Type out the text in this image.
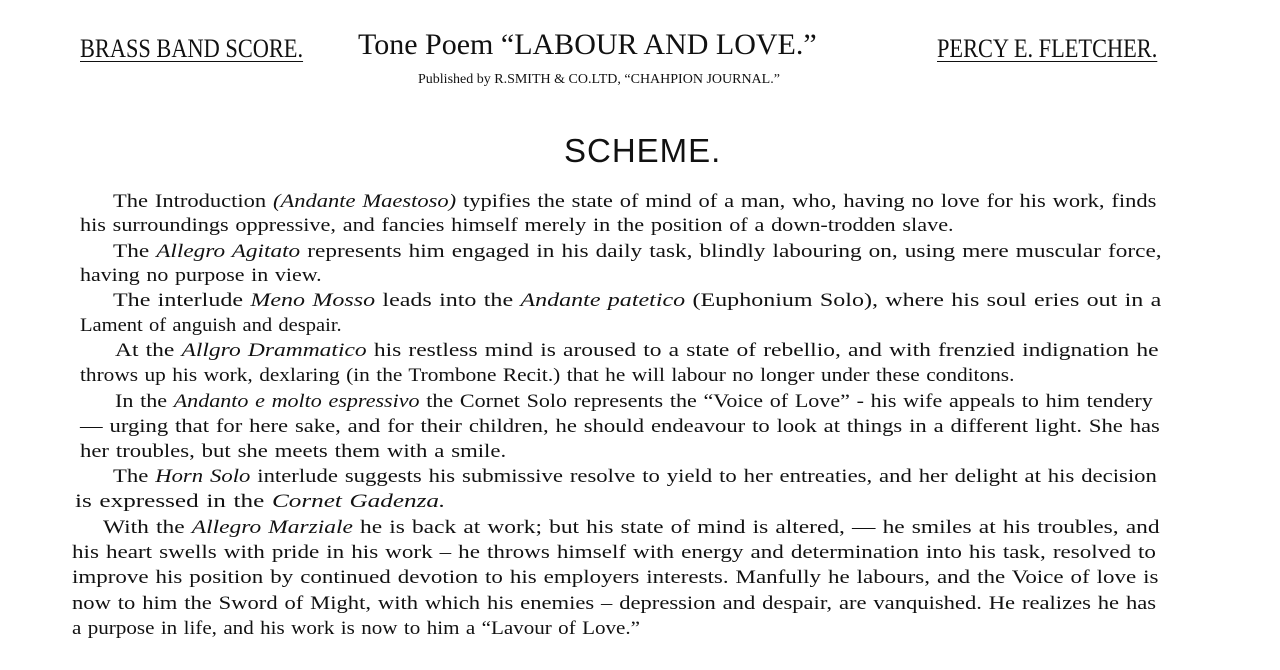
BRASS BAND SCORE. Tone Poem “LABOUR AND LOVE.”
Published by R.SMITH & CO.LTD, “CHAHPION JOURNAL.”
PERCY E. FLETCHER.
SCHEME.
The Introduction (Andante Maestoso) typifies the state of mind of a man, who, having no love for his work, finds
his surroundings oppressive, and fancies himself merely in the position of a down-trodden slave.
The Allegro Agitato represents him engaged in his daily task, blindly labouring on, using mere muscular force,
having no purpose in view.
The interlude Meno Mosso leads into the Andante patetico (Euphonium Solo), where his soul eries out in a
Lament of anguish and despair.
At the Allgro Drammatico his restless mind is aroused to a state of rebellio, and with frenzied indignation he
throws up his work, dexlaring (in the Trombone Recit.) that he will labour no longer under these conditons.
In the Andanto e molto espressivo the Cornet Solo represents the “Voice of Love” - his wife appeals to him tendery
— urging that for here sake, and for their children, he should endeavour to look at things in a different light. She has
her troubles, but she meets them with a smile.
The Horn Solo interlude suggests his submissive resolve to yield to her entreaties, and her delight at his decision
is expressed in the Cornet Gadenza.
With the Allegro Marziale he is back at work; but his state of mind is altered, — he smiles at his troubles, and
his heart swells with pride in his work – he throws himself with energy and determination into his task, resolved to
improve his position by continued devotion to his employers interests. Manfully he labours, and the Voice of love is
now to him the Sword of Might, with which his enemies – depression and despair, are vanquished. He realizes he has
a purpose in life, and his work is now to him a “Lavour of Love.”
